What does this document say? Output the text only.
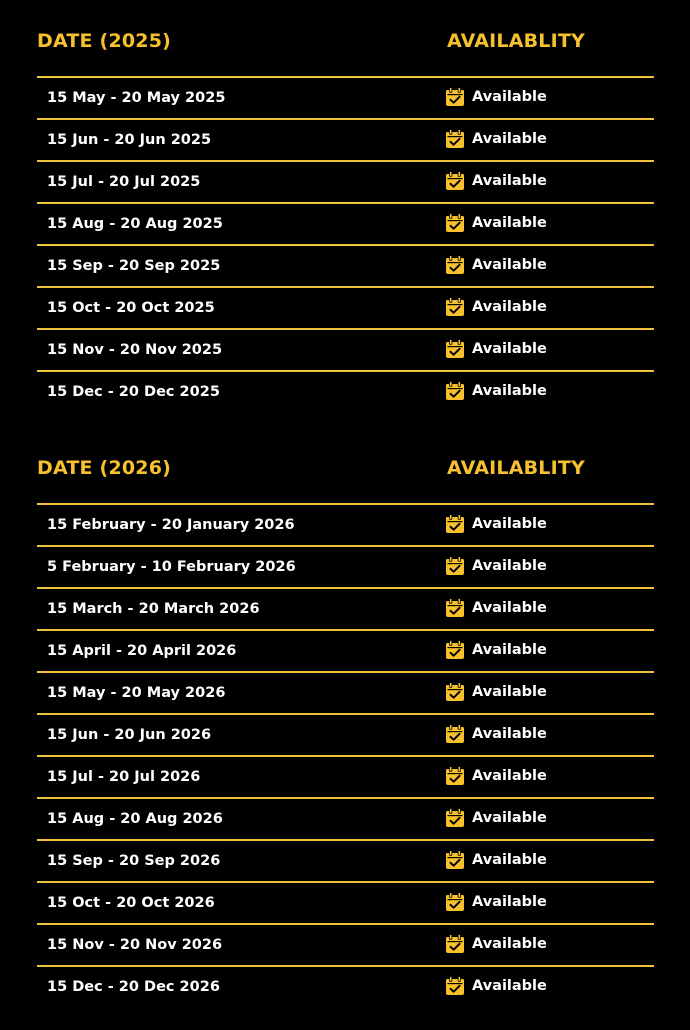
DATE (2025)	AVAILABLITY
15 May - 20 May 2025	Available
15 Jun - 20 Jun 2025	Available
15 Jul - 20 Jul 2025	Available
15 Aug - 20 Aug 2025	Available
15 Sep - 20 Sep 2025	Available
15 Oct - 20 Oct 2025	Available
15 Nov - 20 Nov 2025	Available
15 Dec - 20 Dec 2025	Available
DATE (2026)	AVAILABLITY
15 February - 20 January 2026	Available
5 February - 10 February 2026	Available
15 March - 20 March 2026	Available
15 April - 20 April 2026	Available
15 May - 20 May 2026	Available
15 Jun - 20 Jun 2026	Available
15 Jul - 20 Jul 2026	Available
15 Aug - 20 Aug 2026	Available
15 Sep - 20 Sep 2026	Available
15 Oct - 20 Oct 2026	Available
15 Nov - 20 Nov 2026	Available
15 Dec - 20 Dec 2026	Available
